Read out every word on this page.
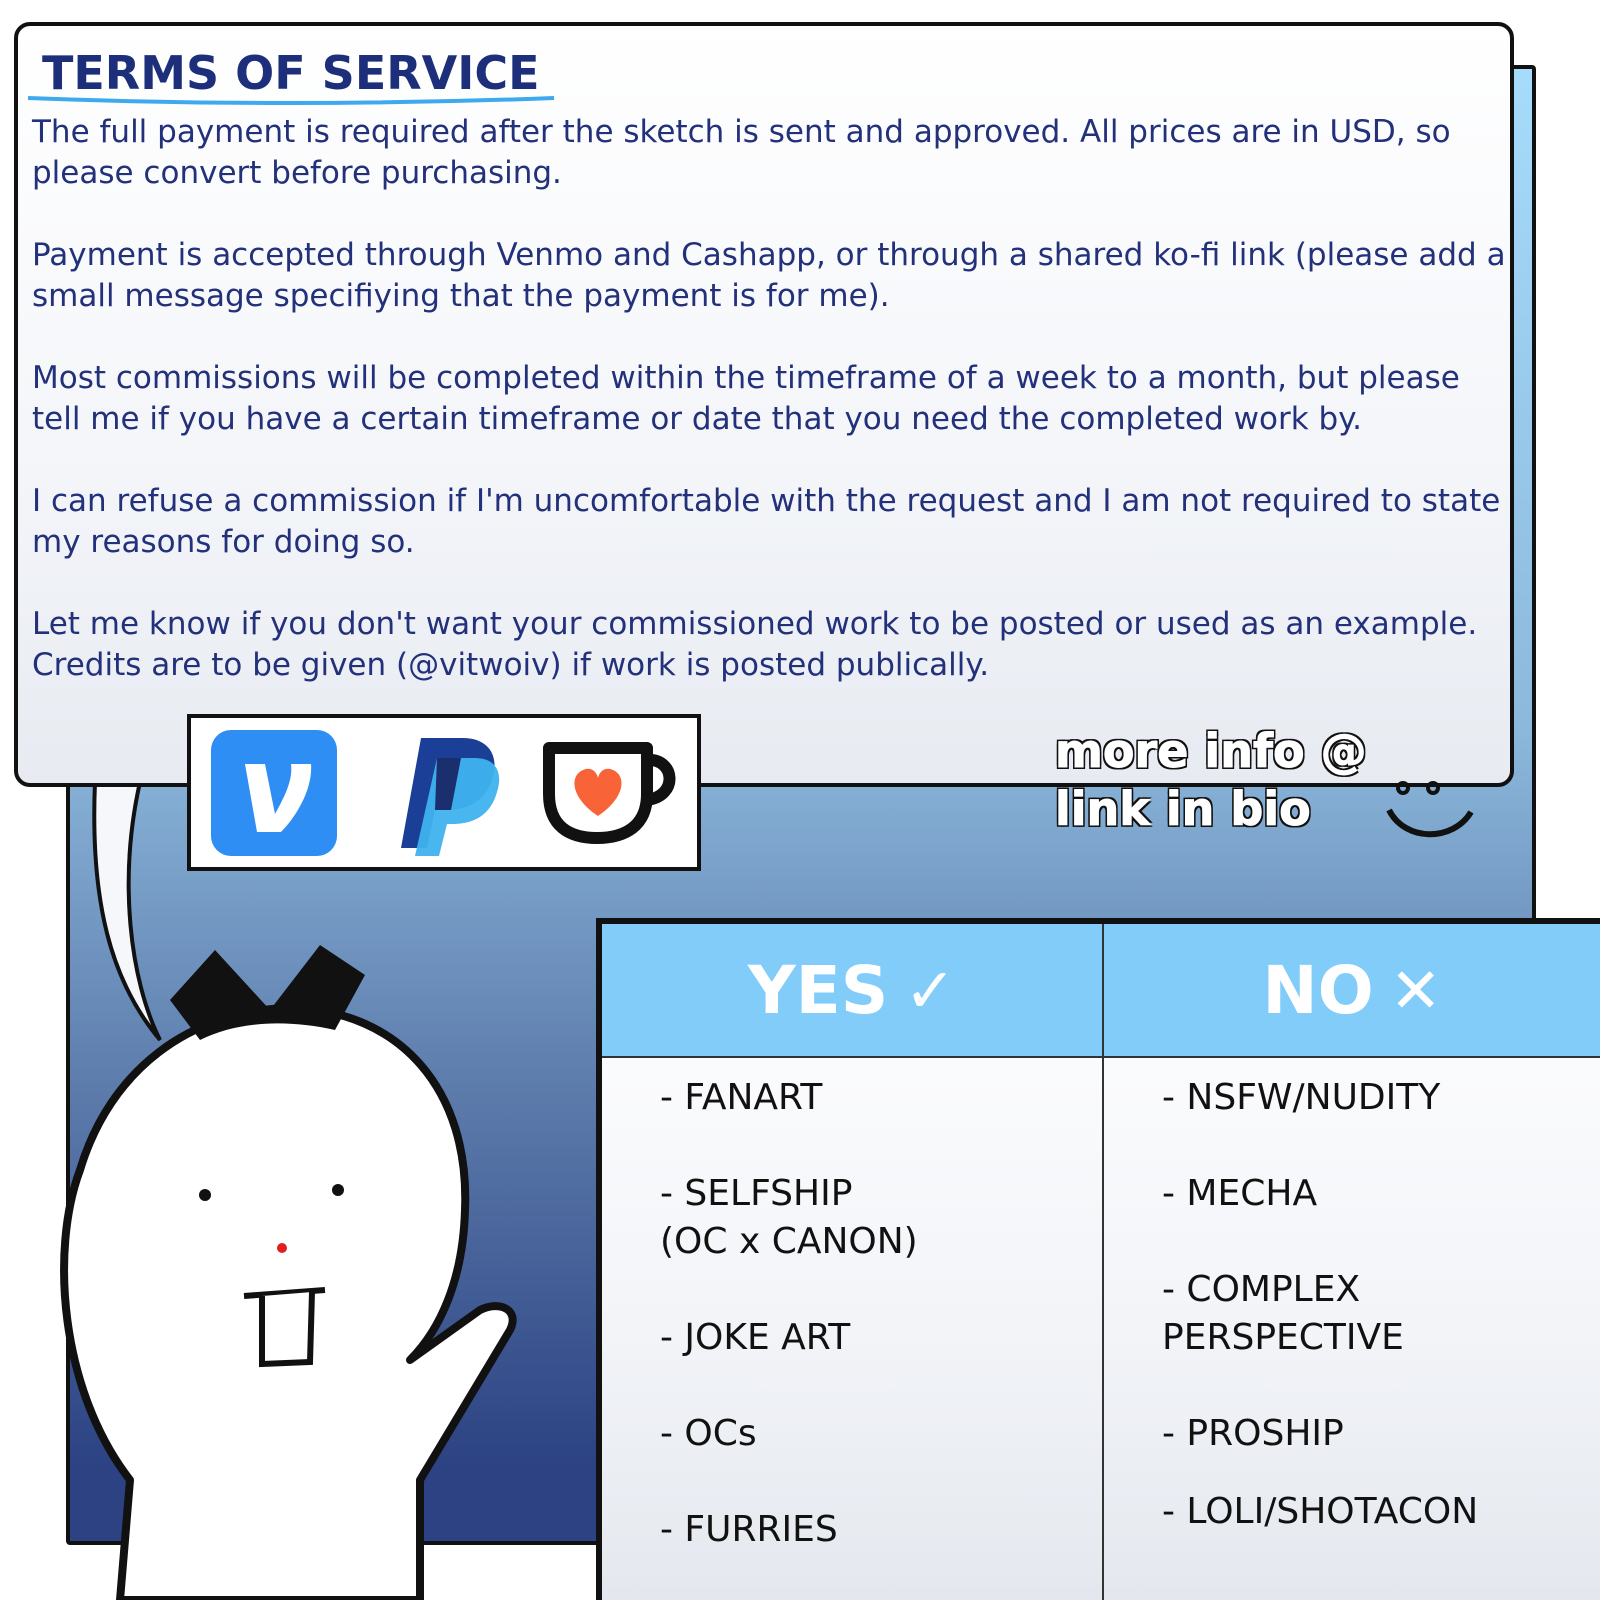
TERMS OF SERVICE

The full payment is required after the sketch is sent and approved. All prices are in USD, so please convert before purchasing.

Payment is accepted through Venmo and Cashapp, or through a shared ko-fi link (please add a small message specifiying that the payment is for me).

Most commissions will be completed within the timeframe of a week to a month, but please tell me if you have a certain timeframe or date that you need the completed work by.

I can refuse a commission if I'm uncomfortable with the request and I am not required to state my reasons for doing so.

Let me know if you don't want your commissioned work to be posted or used as an example. Credits are to be given (@vitwoiv) if work is posted publically.

more info @
link in bio
YES ✓	NO ✕
- FANART
- SELFSHIP
(OC x CANON)
- JOKE ART
- OCs
- FURRIES
- NSFW/NUDITY
- MECHA
- COMPLEX
PERSPECTIVE
- PROSHIP
- LOLI/SHOTACON
